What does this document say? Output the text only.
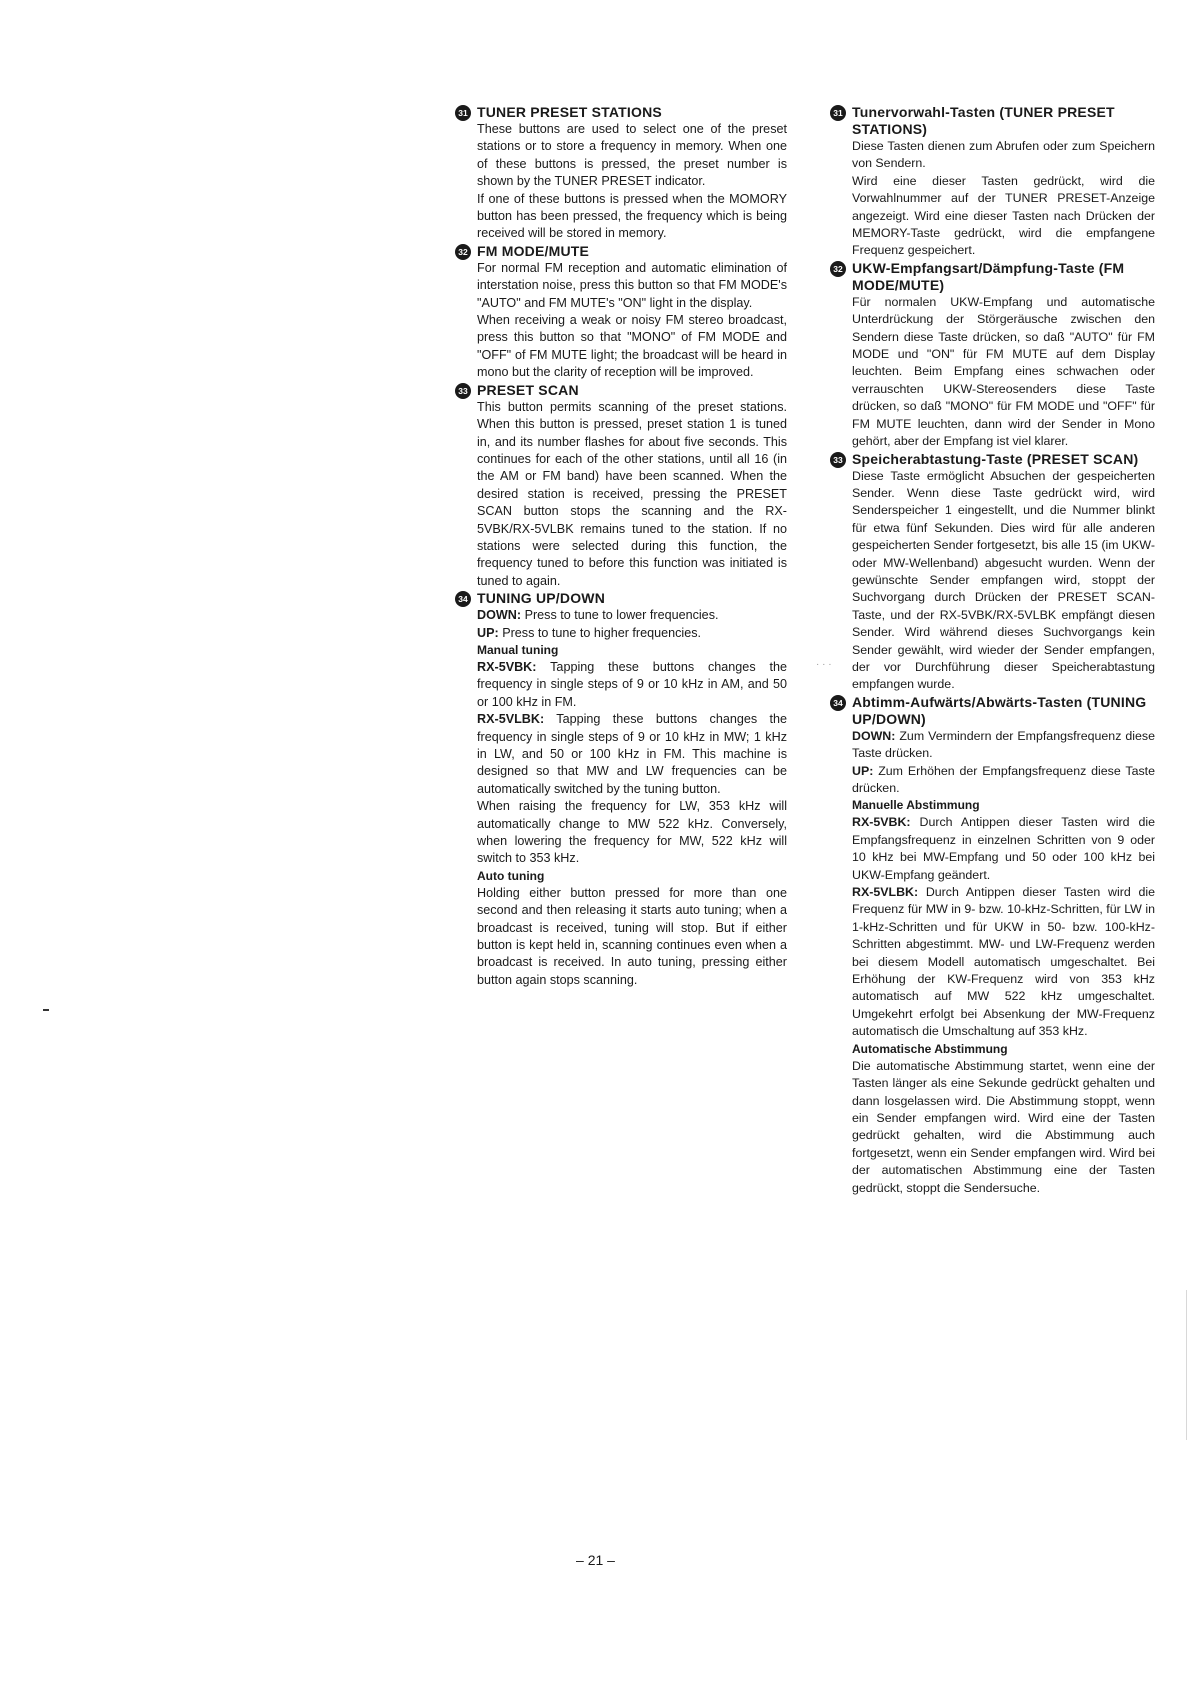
31 TUNER PRESET STATIONS
These buttons are used to select one of the preset stations or to store a frequency in memory. When one of these buttons is pressed, the preset number is shown by the TUNER PRESET indicator.
If one of these buttons is pressed when the MOMORY button has been pressed, the frequency which is being received will be stored in memory.
32 FM MODE/MUTE
For normal FM reception and automatic elimination of interstation noise, press this button so that FM MODE's "AUTO" and FM MUTE's "ON" light in the display.
When receiving a weak or noisy FM stereo broadcast, press this button so that "MONO" of FM MODE and "OFF" of FM MUTE light; the broadcast will be heard in mono but the clarity of reception will be improved.
33 PRESET SCAN
This button permits scanning of the preset stations. When this button is pressed, preset station 1 is tuned in, and its number flashes for about five seconds. This continues for each of the other stations, until all 16 (in the AM or FM band) have been scanned. When the desired station is received, pressing the PRESET SCAN button stops the scanning and the RX-5VBK/RX-5VLBK remains tuned to the station. If no stations were selected during this function, the frequency tuned to before this function was initiated is tuned to again.
34 TUNING UP/DOWN
DOWN: Press to tune to lower frequencies.
UP: Press to tune to higher frequencies.
Manual tuning
RX-5VBK: Tapping these buttons changes the frequency in single steps of 9 or 10 kHz in AM, and 50 or 100 kHz in FM.
RX-5VLBK: Tapping these buttons changes the frequency in single steps of 9 or 10 kHz in MW; 1 kHz in LW, and 50 or 100 kHz in FM. This machine is designed so that MW and LW frequencies can be automatically switched by the tuning button.
When raising the frequency for LW, 353 kHz will automatically change to MW 522 kHz. Conversely, when lowering the frequency for MW, 522 kHz will switch to 353 kHz.
Auto tuning
Holding either button pressed for more than one second and then releasing it starts auto tuning; when a broadcast is received, tuning will stop. But if either button is kept held in, scanning continues even when a broadcast is received. In auto tuning, pressing either button again stops scanning.
31 Tunervorwahl-Tasten (TUNER PRESET STATIONS)
Diese Tasten dienen zum Abrufen oder zum Speichern von Sendern.
Wird eine dieser Tasten gedrückt, wird die Vorwahlnummer auf der TUNER PRESET-Anzeige angezeigt. Wird eine dieser Tasten nach Drücken der MEMORY-Taste gedrückt, wird die empfangene Frequenz gespeichert.
32 UKW-Empfangsart/Dämpfung-Taste (FM MODE/MUTE)
Für normalen UKW-Empfang und automatische Unterdrückung der Störgeräusche zwischen den Sendern diese Taste drücken, so daß "AUTO" für FM MODE und "ON" für FM MUTE auf dem Display leuchten. Beim Empfang eines schwachen oder verrauschten UKW-Stereosenders diese Taste drücken, so daß "MONO" für FM MODE und "OFF" für FM MUTE leuchten, dann wird der Sender in Mono gehört, aber der Empfang ist viel klarer.
33 Speicherabtastung-Taste (PRESET SCAN)
Diese Taste ermöglicht Absuchen der gespeicherten Sender. Wenn diese Taste gedrückt wird, wird Senderspeicher 1 eingestellt, und die Nummer blinkt für etwa fünf Sekunden. Dies wird für alle anderen gespeicherten Sender fortgesetzt, bis alle 15 (im UKW- oder MW-Wellenband) abgesucht wurden. Wenn der gewünschte Sender empfangen wird, stoppt der Suchvorgang durch Drücken der PRESET SCAN-Taste, und der RX-5VBK/RX-5VLBK empfängt diesen Sender. Wird während dieses Suchvorgangs kein Sender gewählt, wird wieder der Sender empfangen, der vor Durchführung dieser Speicherabtastung empfangen wurde.
34 Abtimm-Aufwärts/Abwärts-Tasten (TUNING UP/DOWN)
DOWN: Zum Vermindern der Empfangsfrequenz diese Taste drücken.
UP: Zum Erhöhen der Empfangsfrequenz diese Taste drücken.
Manuelle Abstimmung
RX-5VBK: Durch Antippen dieser Tasten wird die Empfangsfrequenz in einzelnen Schritten von 9 oder 10 kHz bei MW-Empfang und 50 oder 100 kHz bei UKW-Empfang geändert.
RX-5VLBK: Durch Antippen dieser Tasten wird die Frequenz für MW in 9- bzw. 10-kHz-Schritten, für LW in 1-kHz-Schritten und für UKW in 50- bzw. 100-kHz-Schritten abgestimmt. MW- und LW-Frequenz werden bei diesem Modell automatisch umgeschaltet. Bei Erhöhung der KW-Frequenz wird von 353 kHz automatisch auf MW 522 kHz umgeschaltet. Umgekehrt erfolgt bei Absenkung der MW-Frequenz automatisch die Umschaltung auf 353 kHz.
Automatische Abstimmung
Die automatische Abstimmung startet, wenn eine der Tasten länger als eine Sekunde gedrückt gehalten und dann losgelassen wird. Die Abstimmung stoppt, wenn ein Sender empfangen wird. Wird eine der Tasten gedrückt gehalten, wird die Abstimmung auch fortgesetzt, wenn ein Sender empfangen wird. Wird bei der automatischen Abstimmung eine der Tasten gedrückt, stoppt die Sendersuche.
· · ·
– 21 –
